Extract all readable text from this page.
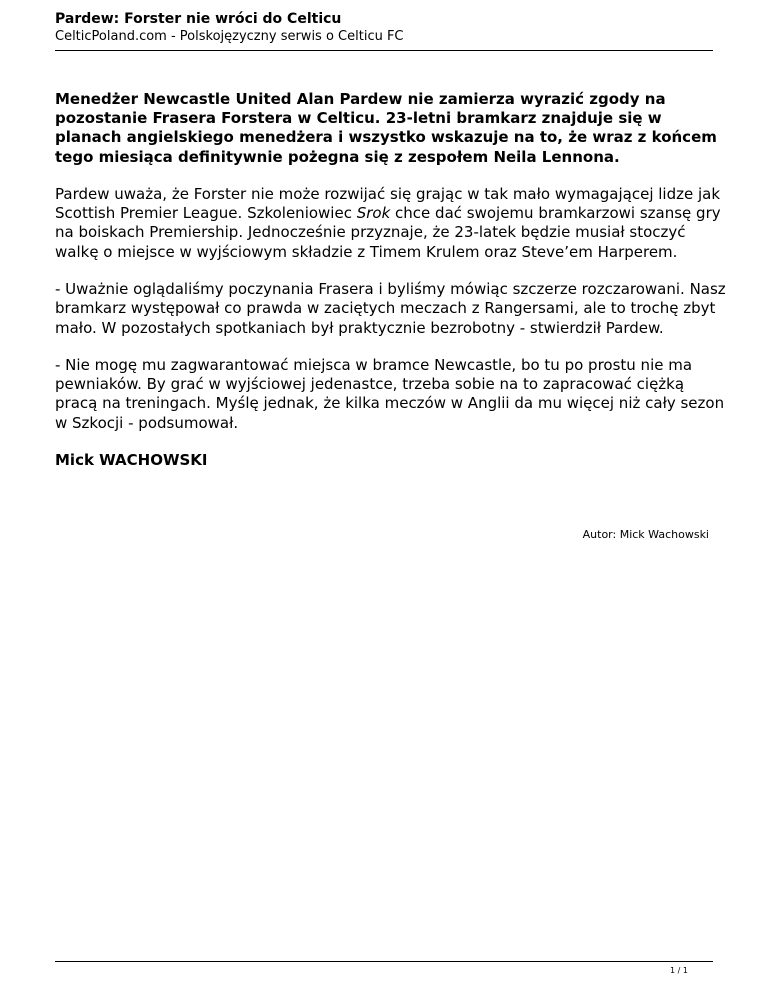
Pardew: Forster nie wróci do Celticu
CelticPoland.com - Polskojęzyczny serwis o Celticu FC

Menedżer Newcastle United Alan Pardew nie zamierza wyrazić zgody na pozostanie Frasera Forstera w Celticu. 23-letni bramkarz znajduje się w planach angielskiego menedżera i wszystko wskazuje na to, że wraz z końcem tego miesiąca definitywnie pożegna się z zespołem Neila Lennona.

Pardew uważa, że Forster nie może rozwijać się grając w tak mało wymagającej lidze jak Scottish Premier League. Szkoleniowiec Srok chce dać swojemu bramkarzowi szansę gry na boiskach Premiership. Jednocześnie przyznaje, że 23-latek będzie musiał stoczyć walkę o miejsce w wyjściowym składzie z Timem Krulem oraz Steve’em Harperem.

- Uważnie oglądaliśmy poczynania Frasera i byliśmy mówiąc szczerze rozczarowani. Nasz bramkarz występował co prawda w zaciętych meczach z Rangersami, ale to trochę zbyt mało. W pozostałych spotkaniach był praktycznie bezrobotny - stwierdził Pardew.

- Nie mogę mu zagwarantować miejsca w bramce Newcastle, bo tu po prostu nie ma pewniaków. By grać w wyjściowej jedenastce, trzeba sobie na to zapracować ciężką pracą na treningach. Myślę jednak, że kilka meczów w Anglii da mu więcej niż cały sezon w Szkocji - podsumował.

Mick WACHOWSKI

Autor: Mick Wachowski
1 / 1
